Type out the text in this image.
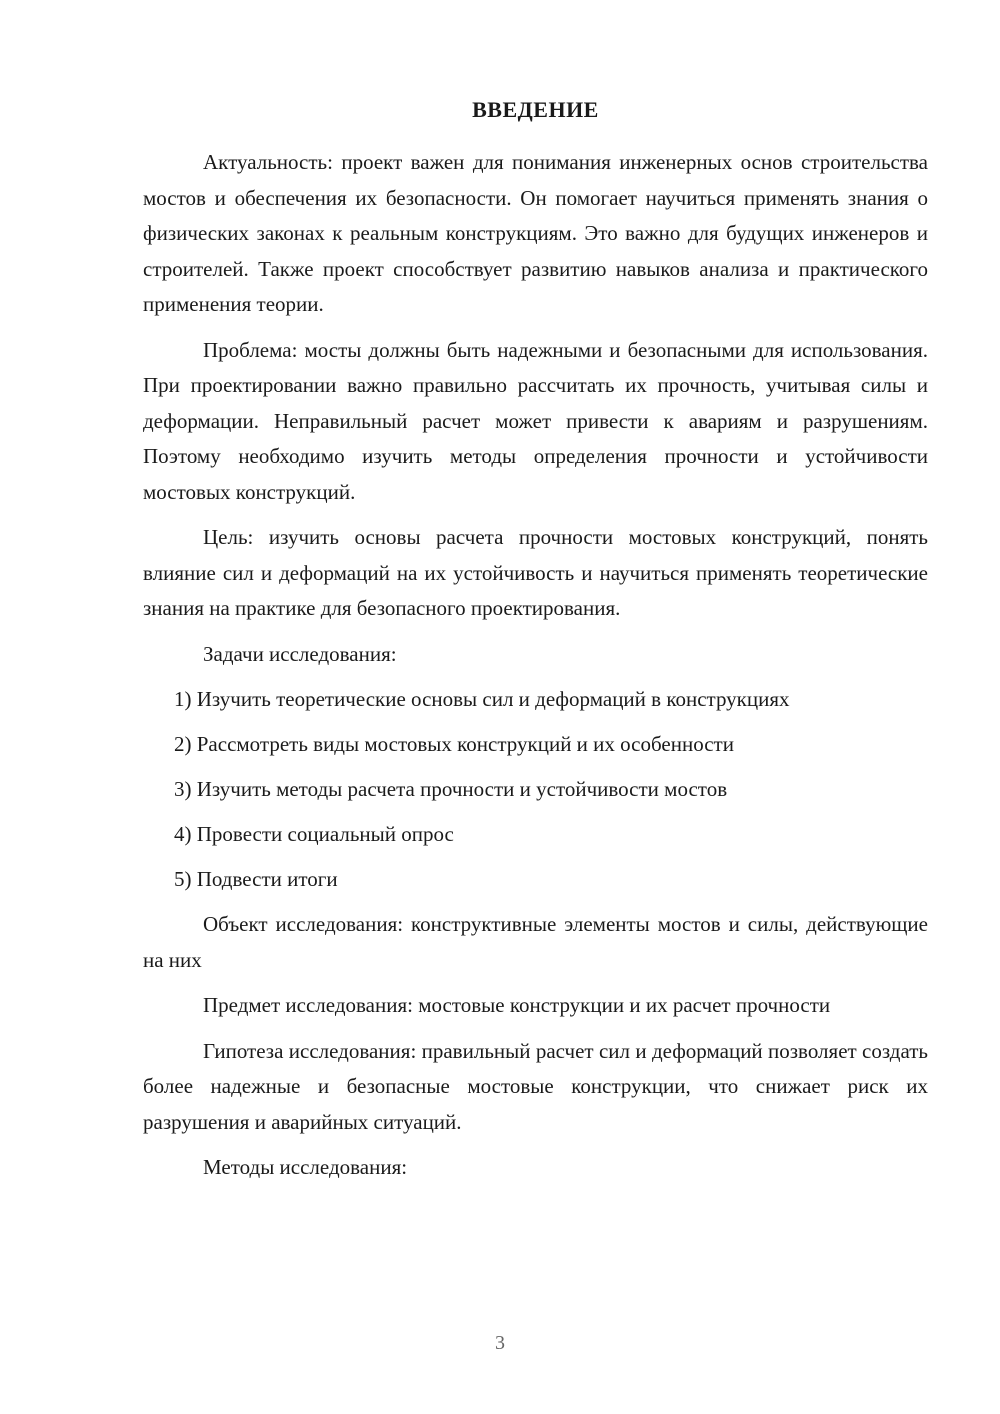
ВВЕДЕНИЕ

Актуальность: проект важен для понимания инженерных основ строительства мостов и обеспечения их безопасности. Он помогает научиться применять знания о физических законах к реальным конструкциям. Это важно для будущих инженеров и строителей. Также проект способствует развитию навыков анализа и практического применения теории.

Проблема: мосты должны быть надежными и безопасными для использования. При проектировании важно правильно рассчитать их прочность, учитывая силы и деформации. Неправильный расчет может привести к авариям и разрушениям. Поэтому необходимо изучить методы определения прочности и устойчивости мостовых конструкций.

Цель: изучить основы расчета прочности мостовых конструкций, понять влияние сил и деформаций на их устойчивость и научиться применять теоретические знания на практике для безопасного проектирования.

Задачи исследования:

1) Изучить теоретические основы сил и деформаций в конструкциях
2) Рассмотреть виды мостовых конструкций и их особенности
3) Изучить методы расчета прочности и устойчивости мостов
4) Провести социальный опрос
5) Подвести итоги

Объект исследования: конструктивные элементы мостов и силы, действующие на них

Предмет исследования: мостовые конструкции и их расчет прочности

Гипотеза исследования: правильный расчет сил и деформаций позволяет создать более надежные и безопасные мостовые конструкции, что снижает риск их разрушения и аварийных ситуаций.

Методы исследования:

3
